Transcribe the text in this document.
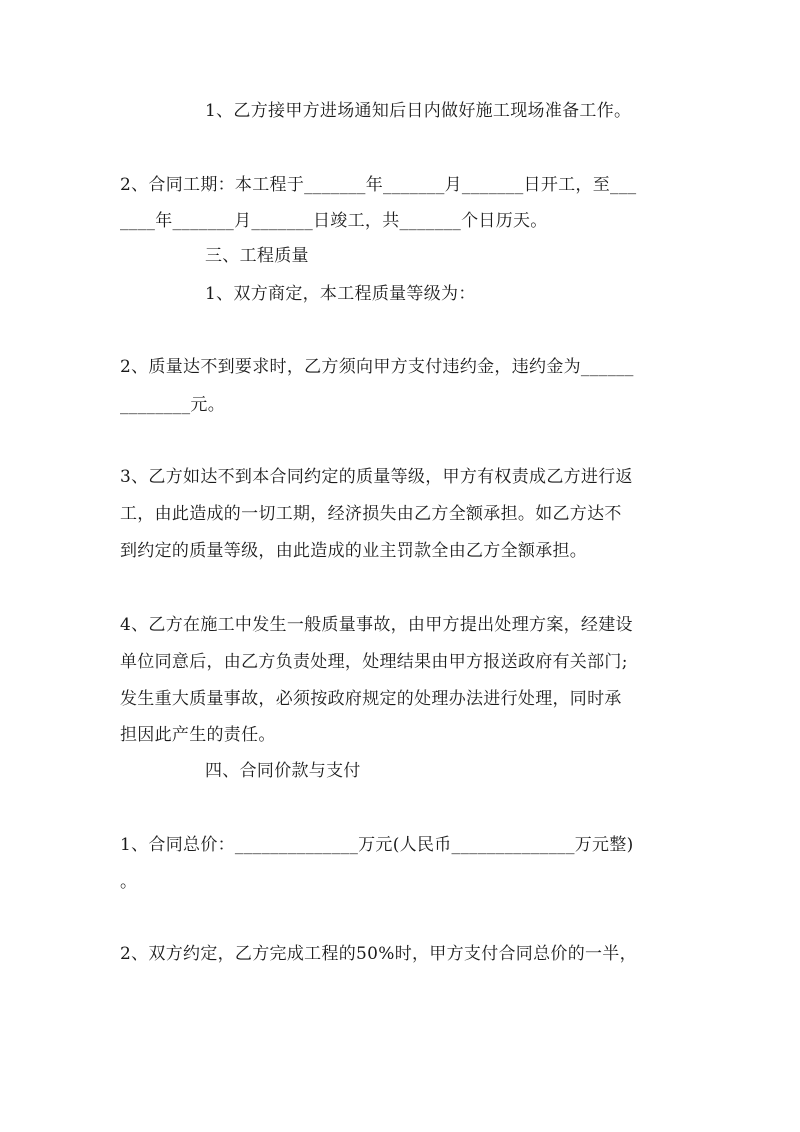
1、乙方接甲方进场通知后日内做好施工现场准备工作。
2、合同工期：本工程于_______年_______月_______日开工，至___
____年_______月_______日竣工，共_______个日历天。
三、工程质量
1、双方商定，本工程质量等级为：
2、质量达不到要求时，乙方须向甲方支付违约金，违约金为______
________元。
3、乙方如达不到本合同约定的质量等级，甲方有权责成乙方进行返
工，由此造成的一切工期，经济损失由乙方全额承担。如乙方达不
到约定的质量等级，由此造成的业主罚款全由乙方全额承担。
4、乙方在施工中发生一般质量事故，由甲方提出处理方案，经建设
单位同意后，由乙方负责处理，处理结果由甲方报送政府有关部门;
发生重大质量事故，必须按政府规定的处理办法进行处理，同时承
担因此产生的责任。
四、合同价款与支付
1、合同总价：______________万元(人民币______________万元整)
。
2、双方约定，乙方完成工程的50%时，甲方支付合同总价的一半，
